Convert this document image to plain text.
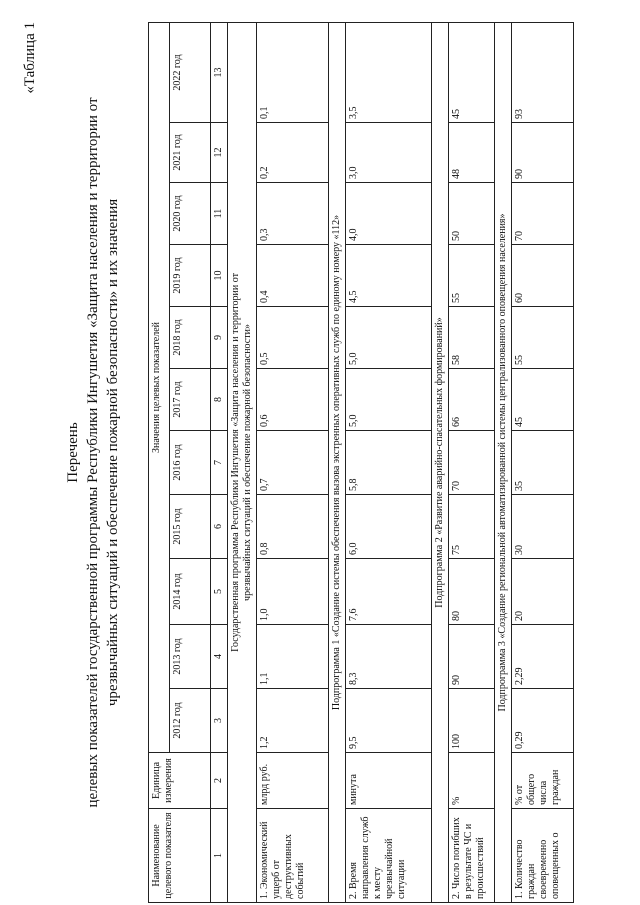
«Таблица 1
Перечень целевых показателей государственной программы Республики Ингушетия «Защита населения и территории от чрезвычайных ситуаций и обеспечение пожарной безопасности» и их значения
Наименование целевого показателя	Единица измерения	Значения целевых показателей										
		2012 год	2013 год	2014 год	2015 год	2016 год	2017 год	2018 год	2019 год	2020 год	2021 год	2022 год
1	2	3	4	5	6	7	8	9	10	11	12	13
Государственная программа Республики Ингушетия «Защита населения и территории от чрезвычайных ситуаций и обеспечение пожарной безопасности»												
1. Экономический ущерб от деструктивных событий	млрд руб.	1,2	1,1	1,0	0,8	0,7	0,6	0,5	0,4	0,3	0,2	0,1
Подпрограмма 1 «Создание системы обеспечения вызова экстренных оперативных служб по единому номеру «112»												
2. Время направления служб к месту чрезвычайной ситуации	минута	9,5	8,3	7,6	6,0	5,8	5,0	5,0	4,5	4,0	3,0	3,5
Подпрограмма 2 «Развитие аварийно-спасательных формирований»												
2. Число погибших в результате ЧС и происшествий	%	100	90	80	75	70	66	58	55	50	48	45
Подпрограмма 3 «Создание региональной автоматизированной системы централизованного оповещения населения»												
1. Количество граждан своевременно оповещенных о	% от общего числа граждан	0,29	2,29	20	30	35	45	55	60	70	90	93
